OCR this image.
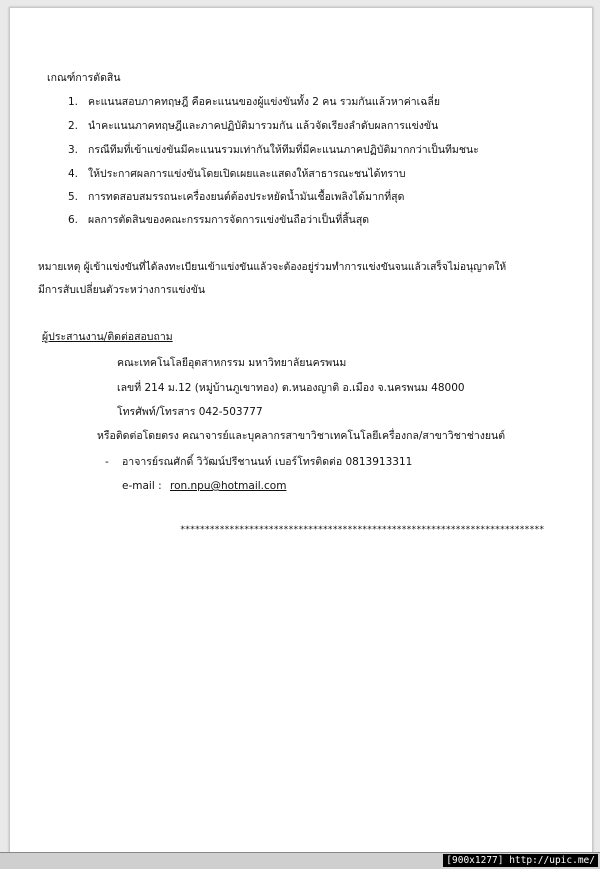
เกณฑ์การตัดสิน
1. คะแนนสอบภาคทฤษฎี คือคะแนนของผู้แข่งขันทั้ง 2 คน รวมกันแล้วหาค่าเฉลี่ย
2. นำคะแนนภาคทฤษฎีและภาคปฏิบัติมารวมกัน แล้วจัดเรียงลำดับผลการแข่งขัน
3. กรณีทีมที่เข้าแข่งขันมีคะแนนรวมเท่ากันให้ทีมที่มีคะแนนภาคปฏิบัติมากกว่าเป็นทีมชนะ
4. ให้ประกาศผลการแข่งขันโดยเปิดเผยและแสดงให้สาธารณะชนได้ทราบ
5. การทดสอบสมรรถนะเครื่องยนต์ต้องประหยัดน้ำมันเชื้อเพลิงได้มากที่สุด
6. ผลการตัดสินของคณะกรรมการจัดการแข่งขันถือว่าเป็นที่สิ้นสุด
หมายเหตุ ผู้เข้าแข่งขันที่ได้ลงทะเบียนเข้าแข่งขันแล้วจะต้องอยู่ร่วมทำการแข่งขันจนแล้วเสร็จไม่อนุญาตให้
มีการสับเปลี่ยนตัวระหว่างการแข่งขัน
ผู้ประสานงาน/ติดต่อสอบถาม
คณะเทคโนโลยีอุตสาหกรรม มหาวิทยาลัยนครพนม
เลขที่ 214 ม.12 (หมู่บ้านภูเขาทอง) ต.หนองญาติ อ.เมือง จ.นครพนม 48000
โทรศัพท์/โทรสาร 042-503777
หรือติดต่อโดยตรง คณาจารย์และบุคลากรสาขาวิชาเทคโนโลยีเครื่องกล/สาขาวิชาช่างยนต์
- อาจารย์รณศักดิ์ วิวัฒน์ปรีชานนท์ เบอร์โทรติดต่อ 0813913311
e-mail : ron.npu@hotmail.com
**************************************************************************
[900x1277] http://upic.me/
